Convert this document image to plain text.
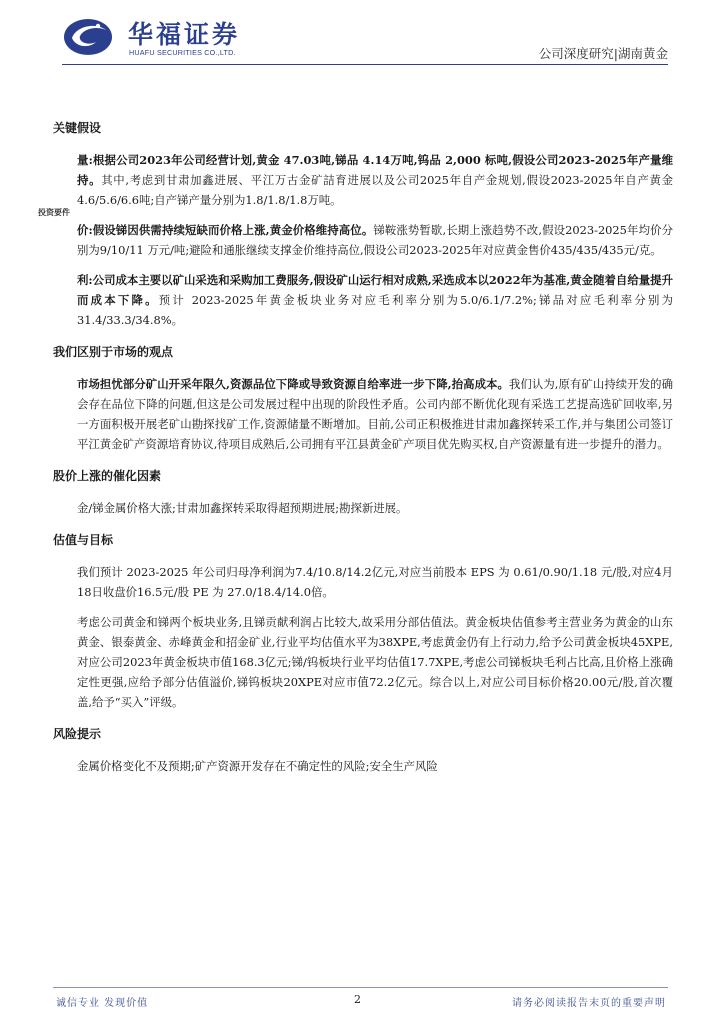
华福证券
HUAFU SECURITIES CO.,LTD.	公司深度研究|湖南黄金
投资要件

关键假设

量:根据公司2023年公司经营计划,黄金 47.03吨,锑品 4.14万吨,钨品 2,000 标吨,假设公司2023-2025年产量维持。其中,考虑到甘肃加鑫进展、平江万古金矿詰育进展以及公司2025年自产金规划,假设2023-2025年自产黄金4.6/5.6/6.6吨;自产锑产量分别为1.8/1.8/1.8万吨。

价:假设锑因供需持续短缺而价格上涨,黄金价格维持高位。锑鞍涨势暂歇,长期上涨趋势不改,假设2023-2025年均价分别为9/10/11 万元/吨;避险和通胀继续支撑金价维持高位,假设公司2023-2025年对应黄金售价435/435/435元/克。

利:公司成本主要以矿山采选和采购加工费服务,假设矿山运行相对成熟,采选成本以2022年为基准,黄金随着自给量提升而成本下降。预计 2023-2025年黄金板块业务对应毛利率分别为5.0/6.1/7.2%;锑品对应毛利率分别为31.4/33.3/34.8%。

我们区别于市场的观点

市场担忧部分矿山开采年限久,资源品位下降或导致资源自给率进一步下降,抬高成本。我们认为,原有矿山持续开发的确会存在品位下降的问题,但这是公司发展过程中出现的阶段性矛盾。公司内部不断优化现有采选工艺提高选矿回收率,另一方面积极开展老矿山勘探找矿工作,资源储量不断增加。目前,公司正积极推进甘肃加鑫探转采工作,并与集团公司签订平江黄金矿产资源培育协议,待项目成熟后,公司拥有平江县黄金矿产项目优先购买权,自产资源量有进一步提升的潜力。

股价上涨的催化因素

金/锑金属价格大涨;甘肃加鑫探转采取得超预期进展;勘探新进展。

估值与目标

我们预计 2023-2025 年公司归母净利润为7.4/10.8/14.2亿元,对应当前股本 EPS 为 0.61/0.90/1.18 元/股,对应4月18日收盘价16.5元/股 PE 为 27.0/18.4/14.0倍。

考虑公司黄金和锑两个板块业务,且锑贡献利润占比较大,故采用分部估值法。黄金板块估值参考主营业务为黄金的山东黄金、银泰黄金、赤峰黄金和招金矿业,行业平均估值水平为38XPE,考虑黄金仍有上行动力,给予公司黄金板块45XPE,对应公司2023年黄金板块市值168.3亿元;锑/钨板块行业平均估值17.7XPE,考虑公司锑板块毛利占比高,且价格上涨确定性更强,应给予部分估值溢价,锑钨板块20XPE对应市值72.2亿元。综合以上,对应公司目标价格20.00元/股,首次覆盖,给予“买入”评级。

风险提示

金属价格变化不及预期;矿产资源开发存在不确定性的风险;安全生产风险

诚信专业 发现价值	2	请务必阅读报告末页的重要声明
